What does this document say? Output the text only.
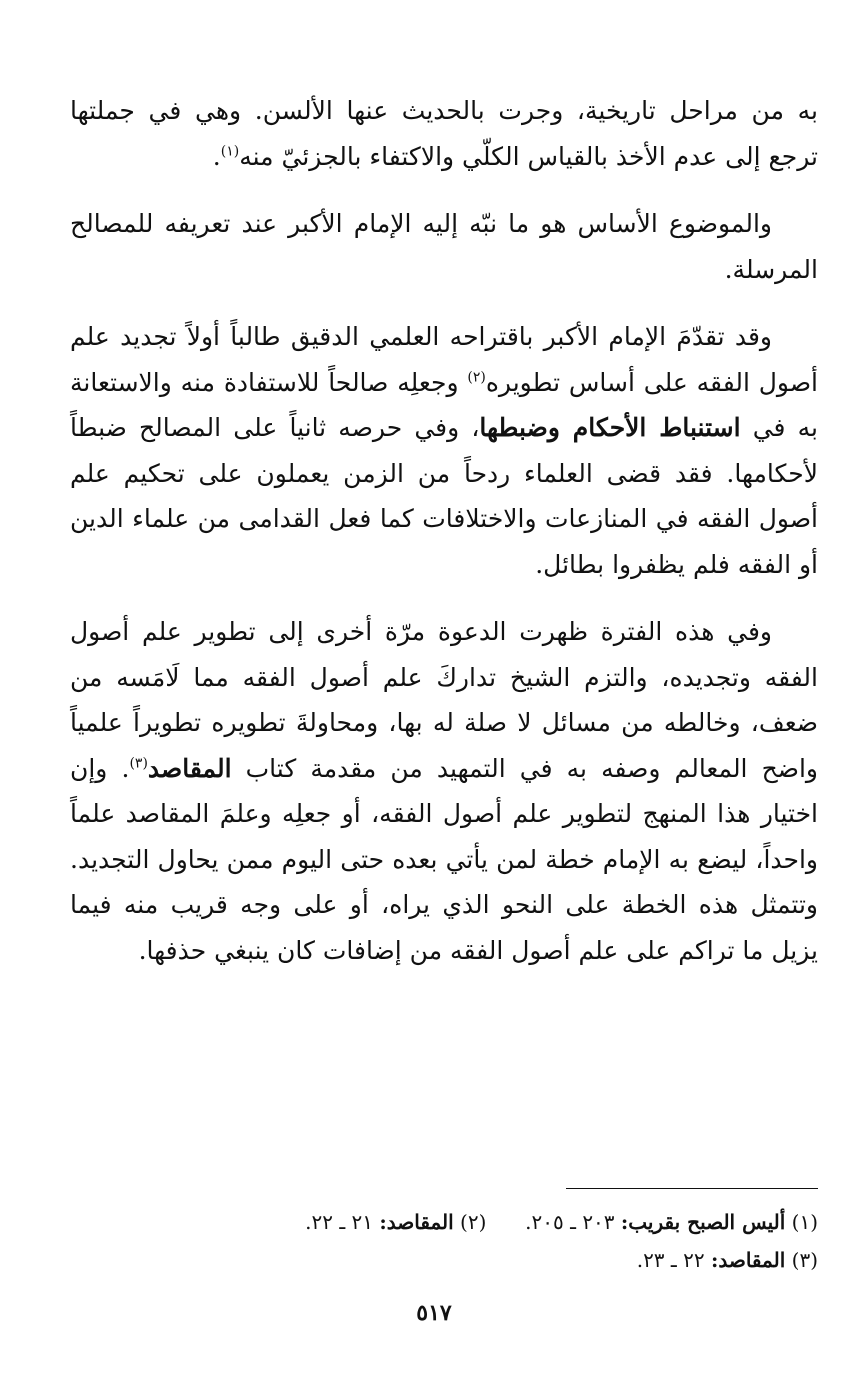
به من مراحل تاريخية، وجرت بالحديث عنها الألسن. وهي في جملتها ترجع إلى عدم الأخذ بالقياس الكلّي والاكتفاء بالجزئيّ منه$^{(١)}$.

والموضوع الأساس هو ما نبّه إليه الإمام الأكبر عند تعريفه للمصالح المرسلة.

وقد تقدّمَ الإمام الأكبر باقتراحه العلمي الدقيق طالباً أولاً تجديد علم أصول الفقه على أساس تطويره$^{(٢)}$ وجعلِه صالحاً للاستفادة منه والاستعانة به في استنباط الأحكام وضبطها، وفي حرصه ثانياً على المصالح ضبطاً لأحكامها. فقد قضى العلماء ردحاً من الزمن يعملون على تحكيم علم أصول الفقه في المنازعات والاختلافات كما فعل القدامى من علماء الدين أو الفقه فلم يظفروا بطائل.

وفي هذه الفترة ظهرت الدعوة مرّة أخرى إلى تطوير علم أصول الفقه وتجديده، والتزم الشيخ تداركَ علم أصول الفقه مما لَامَسه من ضعف، وخالطه من مسائل لا صلة له بها، ومحاولةَ تطويره تطويراً علمياً واضح المعالم وصفه به في التمهيد من مقدمة كتاب المقاصد$^{(٣)}$. وإن اختيار هذا المنهج لتطوير علم أصول الفقه، أو جعلِه وعلمَ المقاصد علماً واحداً، ليضع به الإمام خطة لمن يأتي بعده حتى اليوم ممن يحاول التجديد. وتتمثل هذه الخطة على النحو الذي يراه، أو على وجه قريب منه فيما يزيل ما تراكم على علم أصول الفقه من إضافات كان ينبغي حذفها.

(١) أليس الصبح بقريب: ٢٠٣ ـ ٢٠٥.  (٢) المقاصد: ٢١ ـ ٢٢.
(٣) المقاصد: ٢٢ ـ ٢٣.
٥١٧
